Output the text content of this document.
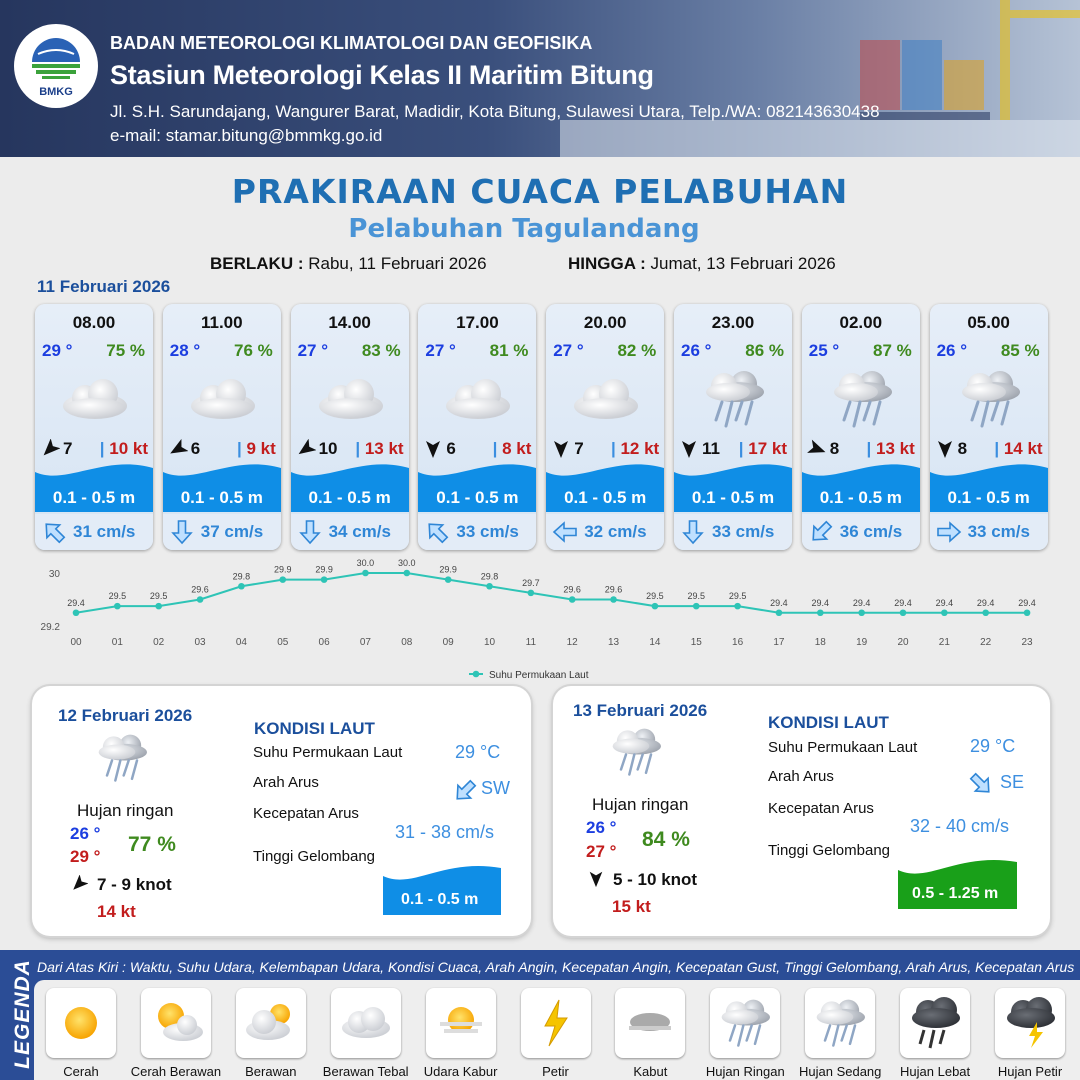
BMKG
BADAN METEOROLOGI KLIMATOLOGI DAN GEOFISIKA
Stasiun Meteorologi Kelas II Maritim Bitung
Jl. S.H. Sarundajang, Wangurer Barat, Madidir, Kota Bitung, Sulawesi Utara, Telp./WA: 082143630438
e-mail: stamar.bitung@bmmkg.go.id
PRAKIRAAN CUACA PELABUHAN
Pelabuhan Tagulandang
BERLAKU : Rabu, 11 Februari 2026	HINGGA : Jumat, 13 Februari 2026
11 Februari 2026
08.00
29 ° 75 %
7 | 10 kt
0.1 - 0.5 m
31 cm/s
11.00
28 ° 76 %
6 | 9 kt
0.1 - 0.5 m
37 cm/s
14.00
27 ° 83 %
10 | 13 kt
0.1 - 0.5 m
34 cm/s
17.00
27 ° 81 %
6 | 8 kt
0.1 - 0.5 m
33 cm/s
20.00
27 ° 82 %
7 | 12 kt
0.1 - 0.5 m
32 cm/s
23.00
26 ° 86 %
11 | 17 kt
0.1 - 0.5 m
33 cm/s
02.00
25 ° 87 %
8 | 13 kt
0.1 - 0.5 m
36 cm/s
05.00
26 ° 85 %
8 | 14 kt
0.1 - 0.5 m
33 cm/s
30
29.2
29.4
00
29.5
01
29.5
02
29.6
03
29.8
04
29.9
05
29.9
06
30.0
07
30.0
08
29.9
09
29.8
10
29.7
11
29.6
12
29.6
13
29.5
14
29.5
15
29.5
16
29.4
17
29.4
18
29.4
19
29.4
20
29.4
21
29.4
22
29.4
23
Suhu Permukaan Laut
12 Februari 2026
Hujan ringan
26 °
29 °
77 %
7 - 9 knot
14 kt
KONDISI LAUT
Suhu Permukaan Laut	29 °C
Arah Arus	SW
Kecepatan Arus
31 - 38 cm/s
Tinggi Gelombang
0.1 - 0.5 m
13 Februari 2026
Hujan ringan
26 °
27 °
84 %
5 - 10 knot
15 kt
KONDISI LAUT
Suhu Permukaan Laut	29 °C
Arah Arus	SE
Kecepatan Arus
32 - 40 cm/s
Tinggi Gelombang
0.5 - 1.25 m
LEGENDA Dari Atas Kiri : Waktu, Suhu Udara, Kelembapan Udara, Kondisi Cuaca, Arah Angin, Kecepatan Angin, Kecepatan Gust, Tinggi Gelombang, Arah Arus, Kecepatan Arus
Cerah	Cerah Berawan	Berawan	Berawan Tebal	Udara Kabur	Petir	Kabut	Hujan Ringan	Hujan Sedang	Hujan Lebat	Hujan Petir
